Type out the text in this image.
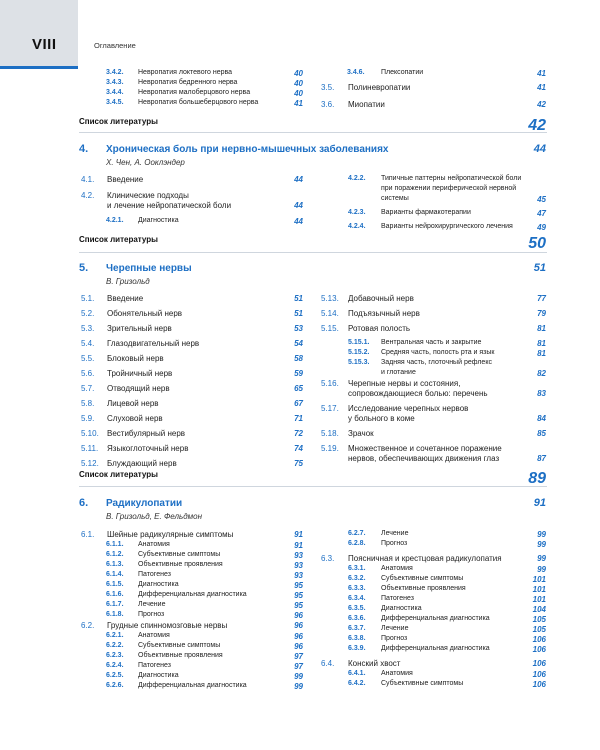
VIII	Оглавление
3.4.2. Невропатия локтевого нерва	40
3.4.3. Невропатия бедренного нерва	40
3.4.4. Невропатия малоберцового нерва	40
3.4.5. Невропатия большеберцового нерва	41
3.4.6. Плексопатии	41
3.5. Полиневропатии	41
3.6. Миопатии	42
Список литературы	42
4. Хроническая боль при нервно-мышечных заболеваниях	44
Х. Чен, А. Ооклэндер
4.1. Введение	44
4.2. Клинические подходы
и лечение нейропатической боли	44
4.2.1. Диагностика	44
4.2.2. Типичные паттерны нейропатической боли
при поражении периферической нервной
системы	45
4.2.3. Варианты фармакотерапии	47
4.2.4. Варианты нейрохирургического лечения	49
Список литературы	50
5. Черепные нервы	51
В. Гризольд
5.1. Введение	51
5.2. Обонятельный нерв	51
5.3. Зрительный нерв	53
5.4. Глазодвигательный нерв	54
5.5. Блоковый нерв	58
5.6. Тройничный нерв	59
5.7. Отводящий нерв	65
5.8. Лицевой нерв	67
5.9. Слуховой нерв	71
5.10. Вестибулярный нерв	72
5.11. Языкоглоточный нерв	74
5.12. Блуждающий нерв	75
5.13. Добавочный нерв	77
5.14. Подъязычный нерв	79
5.15. Ротовая полость	81
5.15.1. Вентральная часть и закрытие	81
5.15.2. Средняя часть, полость рта и язык	81
5.15.3. Задняя часть, глоточный рефлекс
и глотание	82
5.16. Черепные нервы и состояния,
сопровождающиеся болью: перечень	83
5.17. Исследование черепных нервов
у больного в коме	84
5.18. Зрачок	85
5.19. Множественное и сочетанное поражение
нервов, обеспечивающих движения глаз	87
Список литературы	89
6. Радикулопатии	91
В. Гризольд, Е. Фельдмон
6.1. Шейные радикулярные симптомы	91
6.1.1. Анатомия	91
6.1.2. Субъективные симптомы	93
6.1.3. Объективные проявления	93
6.1.4. Патогенез	93
6.1.5. Диагностика	95
6.1.6. Дифференциальная диагностика	95
6.1.7. Лечение	95
6.1.8. Прогноз	96
6.2. Грудные спинномозговые нервы	96
6.2.1. Анатомия	96
6.2.2. Субъективные симптомы	96
6.2.3. Объективные проявления	97
6.2.4. Патогенез	97
6.2.5. Диагностика	99
6.2.6. Дифференциальная диагностика	99
6.2.7. Лечение	99
6.2.8. Прогноз	99
6.3. Поясничная и крестцовая радикулопатия	99
6.3.1. Анатомия	99
6.3.2. Субъективные симптомы	101
6.3.3. Объективные проявления	101
6.3.4. Патогенез	101
6.3.5. Диагностика	104
6.3.6. Дифференциальная диагностика	105
6.3.7. Лечение	105
6.3.8. Прогноз	106
6.3.9. Дифференциальная диагностика	106
6.4. Конский хвост	106
6.4.1. Анатомия	106
6.4.2. Субъективные симптомы	106
